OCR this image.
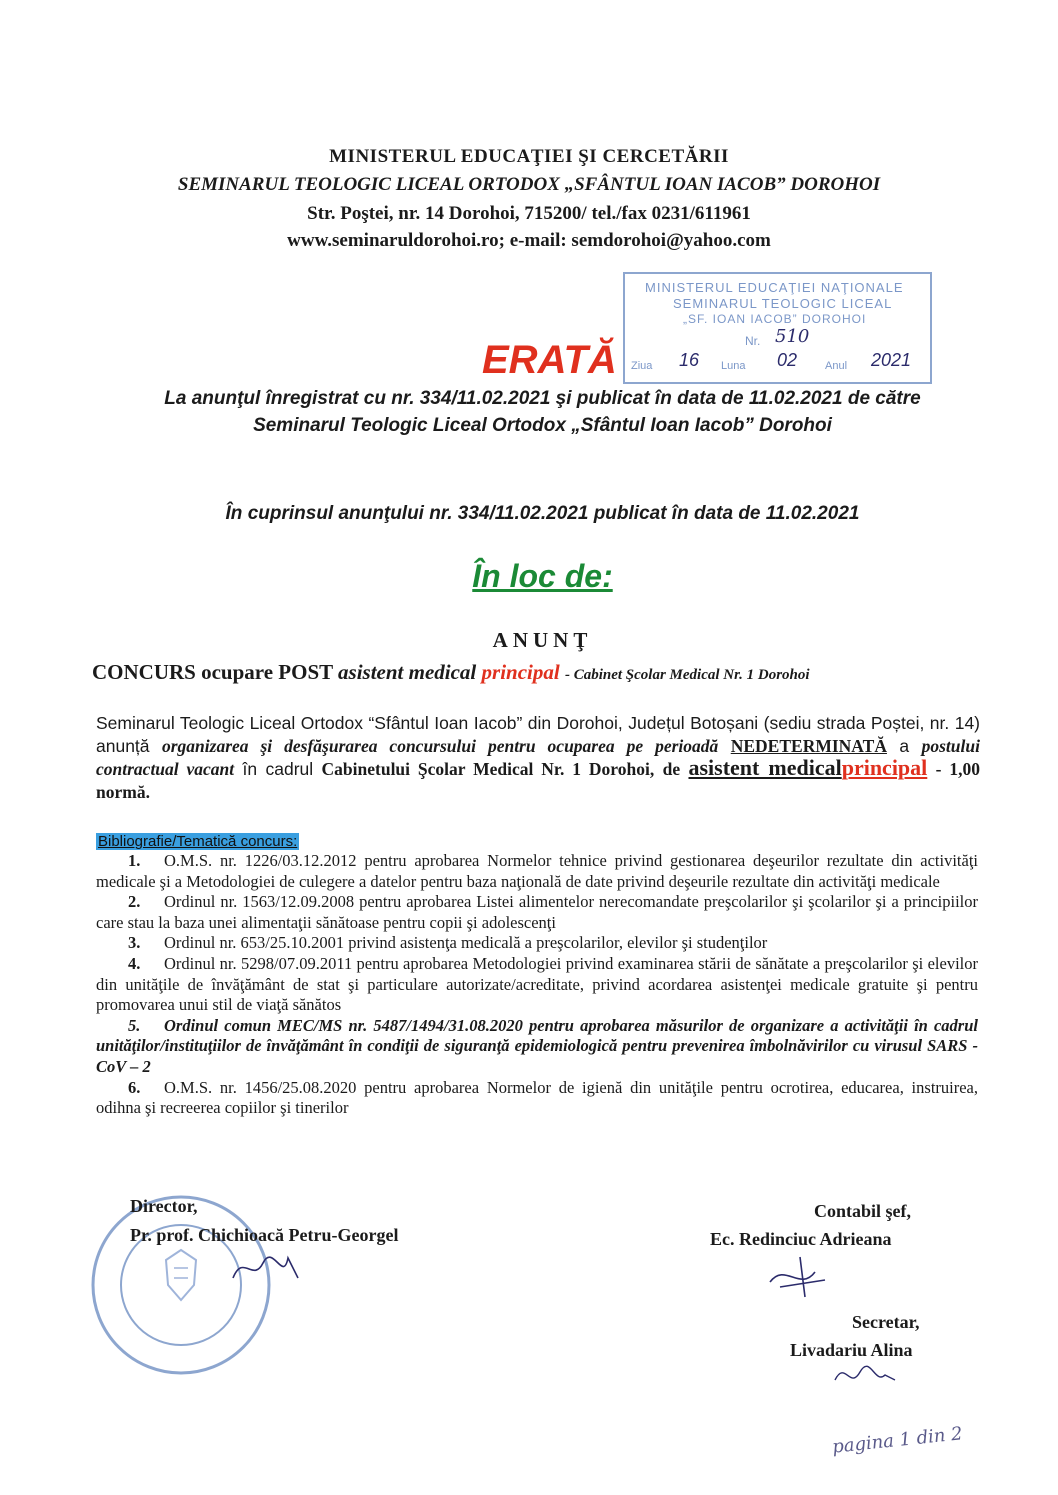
MINISTERUL EDUCAŢIEI ŞI CERCETĂRII
SEMINARUL TEOLOGIC LICEAL ORTODOX „SFÂNTUL IOAN IACOB” DOROHOI
Str. Poştei, nr. 14 Dorohoi, 715200/ tel./fax 0231/611961
www.seminaruldorohoi.ro; e-mail: semdorohoi@yahoo.com
MINISTERUL EDUCAŢIEI NAŢIONALE
SEMINARUL TEOLOGIC LICEAL
„SF. IOAN IACOB” DOROHOI
Nr. 510
Ziua 16 Luna 02	Anul 2021
ERATĂ
La anunţul înregistrat cu nr. 334/11.02.2021 şi publicat în data de 11.02.2021 de către
Seminarul Teologic Liceal Ortodox „Sfântul Ioan Iacob” Dorohoi
În cuprinsul anunţului nr. 334/11.02.2021 publicat în data de 11.02.2021
În loc de:
ANUNŢ
CONCURS ocupare POST asistent medical principal - Cabinet Şcolar Medical Nr. 1 Dorohoi
Seminarul Teologic Liceal Ortodox “Sfântul Ioan Iacob” din Dorohoi, Județul Botoșani (sediu strada Poștei, nr. 14) anunță organizarea şi desfăşurarea concursului pentru ocuparea pe perioadă NEDETERMINATĂ a postului contractual vacant în cadrul Cabinetului Şcolar Medical Nr. 1 Dorohoi, de asistent medicalprincipal - 1,00 normă.
Bibliografie/Tematică concurs:
1. O.M.S. nr. 1226/03.12.2012 pentru aprobarea Normelor tehnice privind gestionarea deşeurilor rezultate din activităţi medicale şi a Metodologiei de culegere a datelor pentru baza naţională de date privind deşeurile rezultate din activităţi medicale
2. Ordinul nr. 1563/12.09.2008 pentru aprobarea Listei alimentelor nerecomandate preşcolarilor şi şcolarilor şi a principiilor care stau la baza unei alimentaţii sănătoase pentru copii şi adolescenţi
3. Ordinul nr. 653/25.10.2001 privind asistenţa medicală a preşcolarilor, elevilor şi studenţilor
4. Ordinul nr. 5298/07.09.2011 pentru aprobarea Metodologiei privind examinarea stării de sănătate a preşcolarilor şi elevilor din unităţile de învăţământ de stat şi particulare autorizate/acreditate, privind acordarea asistenţei medicale gratuite şi pentru promovarea unui stil de viaţă sănătos
5. Ordinul comun MEC/MS nr. 5487/1494/31.08.2020 pentru aprobarea măsurilor de organizare a activităţii în cadrul unităţilor/instituţiilor de învăţământ în condiţii de siguranţă epidemiologică pentru prevenirea îmbolnăvirilor cu virusul SARS - CoV – 2
6. O.M.S. nr. 1456/25.08.2020 pentru aprobarea Normelor de igienă din unităţile pentru ocrotirea, educarea, instruirea, odihna şi recreerea copiilor şi tinerilor
Director,
Pr. prof. Chichioacă Petru-Georgel
Contabil şef,
Ec. Redinciuc Adrieana
Secretar,
Livadariu Alina
pagina 1 din 2
